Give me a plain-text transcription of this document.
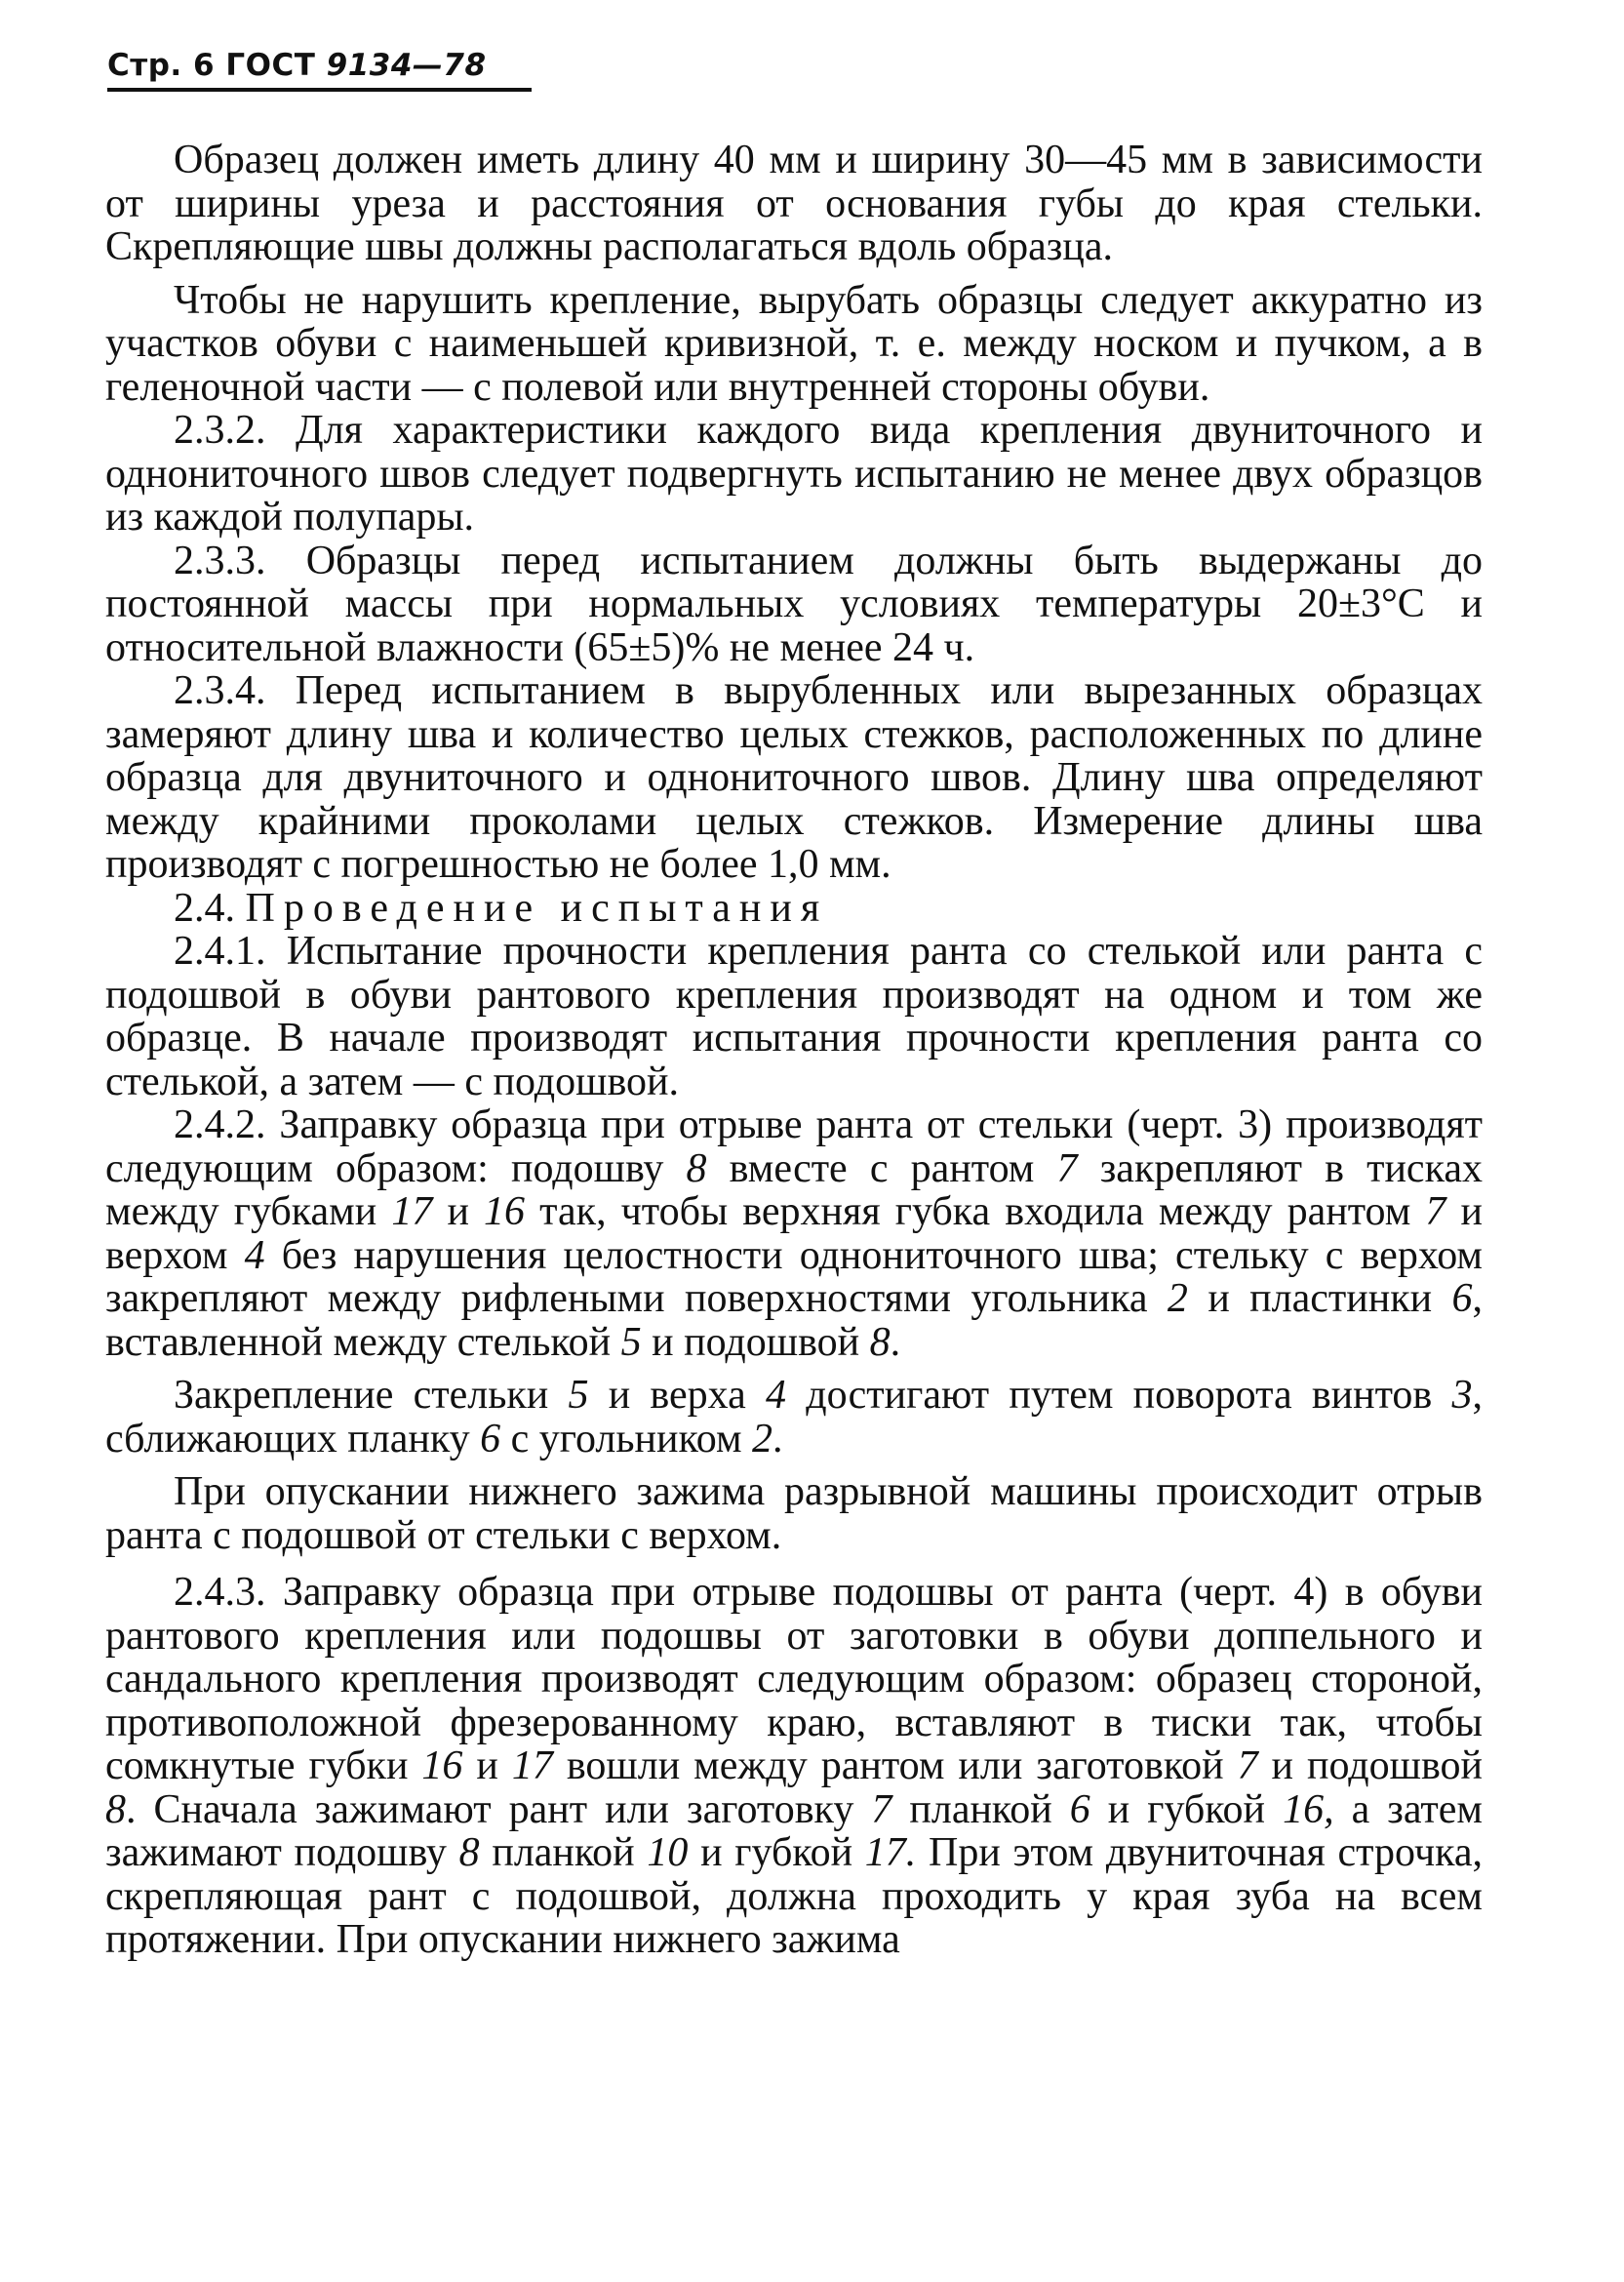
Стр. 6 ГОСТ 9134—78

Образец должен иметь длину 40 мм и ширину 30—45 мм в зависимости от ширины уреза и расстояния от основания губы до края стельки. Скрепляющие швы должны располагаться вдоль образца.

Чтобы не нарушить крепление, вырубать образцы следует аккуратно из участков обуви с наименьшей кривизной, т. е. между носком и пучком, а в геленочной части — с полевой или внутренней стороны обуви.

2.3.2. Для характеристики каждого вида крепления двуниточного и однониточного швов следует подвергнуть испытанию не менее двух образцов из каждой полупары.

2.3.3. Образцы перед испытанием должны быть выдержаны до постоянной массы при нормальных условиях температуры 20±3°С и относительной влажности (65±5)% не менее 24 ч.

2.3.4. Перед испытанием в вырубленных или вырезанных образцах замеряют длину шва и количество целых стежков, расположенных по длине образца для двуниточного и однониточного швов. Длину шва определяют между крайними проколами целых стежков. Измерение длины шва производят с погрешностью не более 1,0 мм.

2.4. Проведение испытания

2.4.1. Испытание прочности крепления ранта со стелькой или ранта с подошвой в обуви рантового крепления производят на одном и том же образце. В начале производят испытания прочности крепления ранта со стелькой, а затем — с подошвой.

2.4.2. Заправку образца при отрыве ранта от стельки (черт. 3) производят следующим образом: подошву 8 вместе с рантом 7 закрепляют в тисках между губками 17 и 16 так, чтобы верхняя губка входила между рантом 7 и верхом 4 без нарушения целостности однониточного шва; стельку с верхом закрепляют между рифлеными поверхностями угольника 2 и пластинки 6, вставленной между стелькой 5 и подошвой 8.

Закрепление стельки 5 и верха 4 достигают путем поворота винтов 3, сближающих планку 6 с угольником 2.

При опускании нижнего зажима разрывной машины происходит отрыв ранта с подошвой от стельки с верхом.

2.4.3. Заправку образца при отрыве подошвы от ранта (черт. 4) в обуви рантового крепления или подошвы от заготовки в обуви доппельного и сандального крепления производят следующим образом: образец стороной, противоположной фрезерованному краю, вставляют в тиски так, чтобы сомкнутые губки 16 и 17 вошли между рантом или заготовкой 7 и подошвой 8. Сначала зажимают рант или заготовку 7 планкой 6 и губкой 16, а затем зажимают подошву 8 планкой 10 и губкой 17. При этом двуниточная строчка, скрепляющая рант с подошвой, должна проходить у края зуба на всем протяжении. При опускании нижнего зажима
